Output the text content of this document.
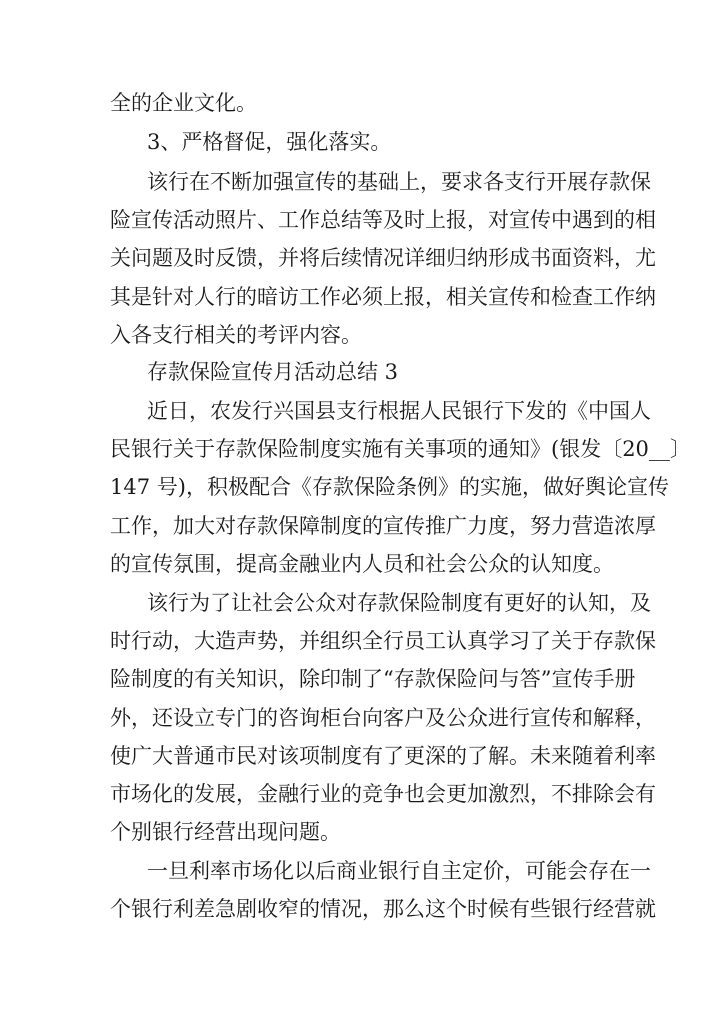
全的企业文化。
3、严格督促，强化落实。
该行在不断加强宣传的基础上，要求各支行开展存款保
险宣传活动照片、工作总结等及时上报，对宣传中遇到的相
关问题及时反馈，并将后续情况详细归纳形成书面资料，尤
其是针对人行的暗访工作必须上报，相关宣传和检查工作纳
入各支行相关的考评内容。
存款保险宣传月活动总结 3
近日，农发行兴国县支行根据人民银行下发的《中国人
民银行关于存款保险制度实施有关事项的通知》(银发〔20__〕
147 号)，积极配合《存款保险条例》的实施，做好舆论宣传
工作，加大对存款保障制度的宣传推广力度，努力营造浓厚
的宣传氛围，提高金融业内人员和社会公众的认知度。
该行为了让社会公众对存款保险制度有更好的认知，及
时行动，大造声势，并组织全行员工认真学习了关于存款保
险制度的有关知识，除印制了“存款保险问与答”宣传手册
外，还设立专门的咨询柜台向客户及公众进行宣传和解释，
使广大普通市民对该项制度有了更深的了解。未来随着利率
市场化的发展，金融行业的竞争也会更加激烈，不排除会有
个别银行经营出现问题。
一旦利率市场化以后商业银行自主定价，可能会存在一
个银行利差急剧收窄的情况，那么这个时候有些银行经营就
